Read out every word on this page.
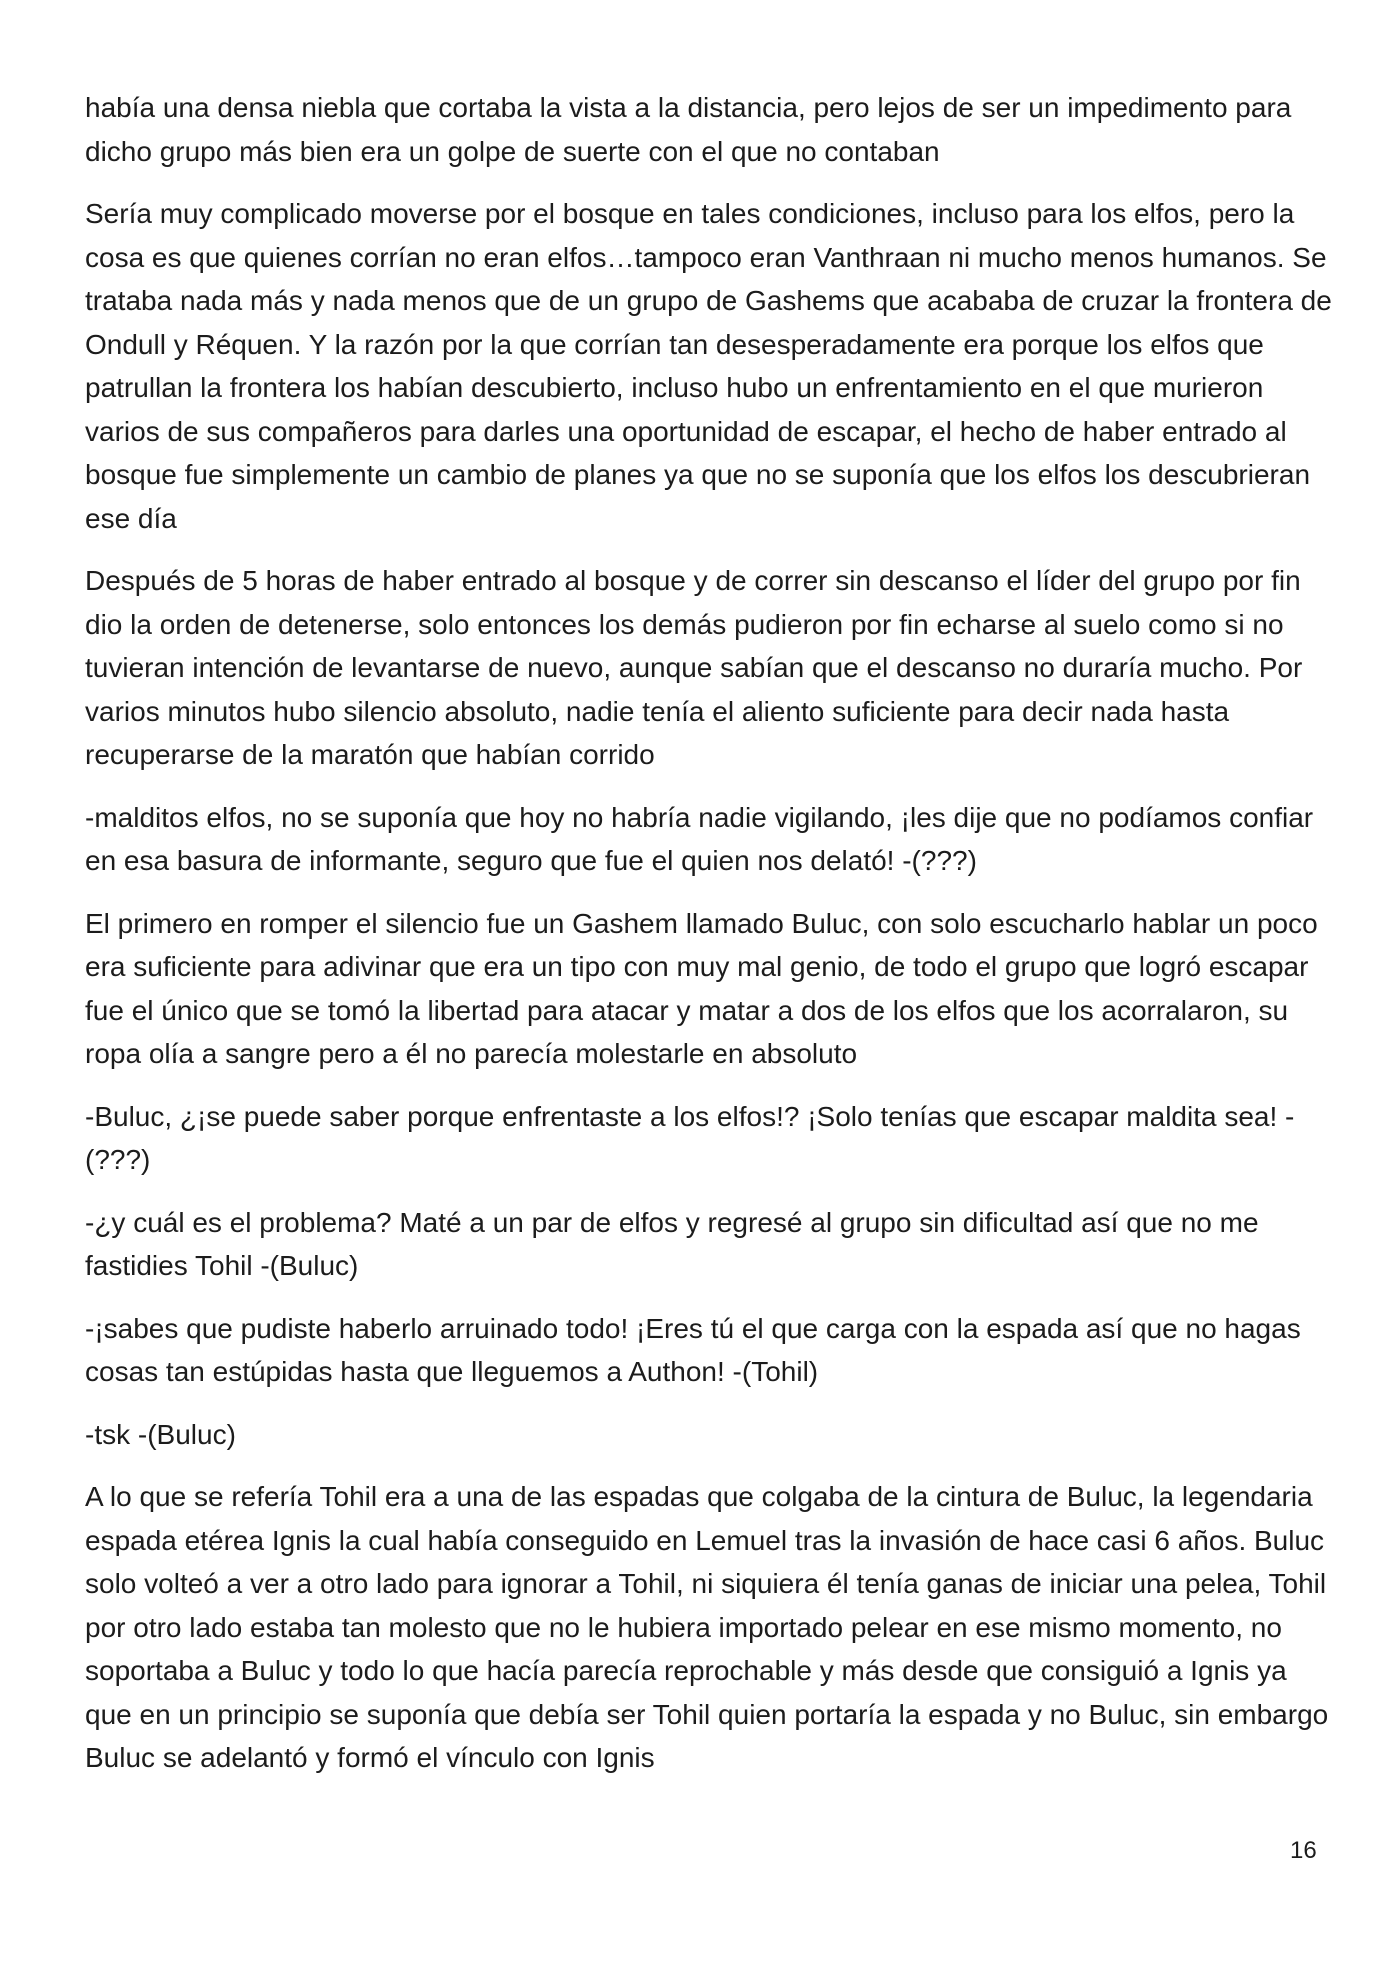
había una densa niebla que cortaba la vista a la distancia, pero lejos de ser un impedimento para dicho grupo más bien era un golpe de suerte con el que no contaban

Sería muy complicado moverse por el bosque en tales condiciones, incluso para los elfos, pero la cosa es que quienes corrían no eran elfos…tampoco eran Vanthraan ni mucho menos humanos. Se trataba nada más y nada menos que de un grupo de Gashems que acababa de cruzar la frontera de Ondull y Réquen. Y la razón por la que corrían tan desesperadamente era porque los elfos que patrullan la frontera los habían descubierto, incluso hubo un enfrentamiento en el que murieron varios de sus compañeros para darles una oportunidad de escapar, el hecho de haber entrado al bosque fue simplemente un cambio de planes ya que no se suponía que los elfos los descubrieran ese día

Después de 5 horas de haber entrado al bosque y de correr sin descanso el líder del grupo por fin dio la orden de detenerse, solo entonces los demás pudieron por fin echarse al suelo como si no tuvieran intención de levantarse de nuevo, aunque sabían que el descanso no duraría mucho. Por varios minutos hubo silencio absoluto, nadie tenía el aliento suficiente para decir nada hasta recuperarse de la maratón que habían corrido

-malditos elfos, no se suponía que hoy no habría nadie vigilando, ¡les dije que no podíamos confiar en esa basura de informante, seguro que fue el quien nos delató! -(???)

El primero en romper el silencio fue un Gashem llamado Buluc, con solo escucharlo hablar un poco era suficiente para adivinar que era un tipo con muy mal genio, de todo el grupo que logró escapar fue el único que se tomó la libertad para atacar y matar a dos de los elfos que los acorralaron, su ropa olía a sangre pero a él no parecía molestarle en absoluto

-Buluc, ¿¡se puede saber porque enfrentaste a los elfos!? ¡Solo tenías que escapar maldita sea! -(???)

-¿y cuál es el problema? Maté a un par de elfos y regresé al grupo sin dificultad así que no me fastidies Tohil -(Buluc)

-¡sabes que pudiste haberlo arruinado todo! ¡Eres tú el que carga con la espada así que no hagas cosas tan estúpidas hasta que lleguemos a Authon! -(Tohil)

-tsk -(Buluc)

A lo que se refería Tohil era a una de las espadas que colgaba de la cintura de Buluc, la legendaria espada etérea Ignis la cual había conseguido en Lemuel tras la invasión de hace casi 6 años. Buluc solo volteó a ver a otro lado para ignorar a Tohil, ni siquiera él tenía ganas de iniciar una pelea, Tohil por otro lado estaba tan molesto que no le hubiera importado pelear en ese mismo momento, no soportaba a Buluc y todo lo que hacía parecía reprochable y más desde que consiguió a Ignis ya que en un principio se suponía que debía ser Tohil quien portaría la espada y no Buluc, sin embargo Buluc se adelantó y formó el vínculo con Ignis

16
